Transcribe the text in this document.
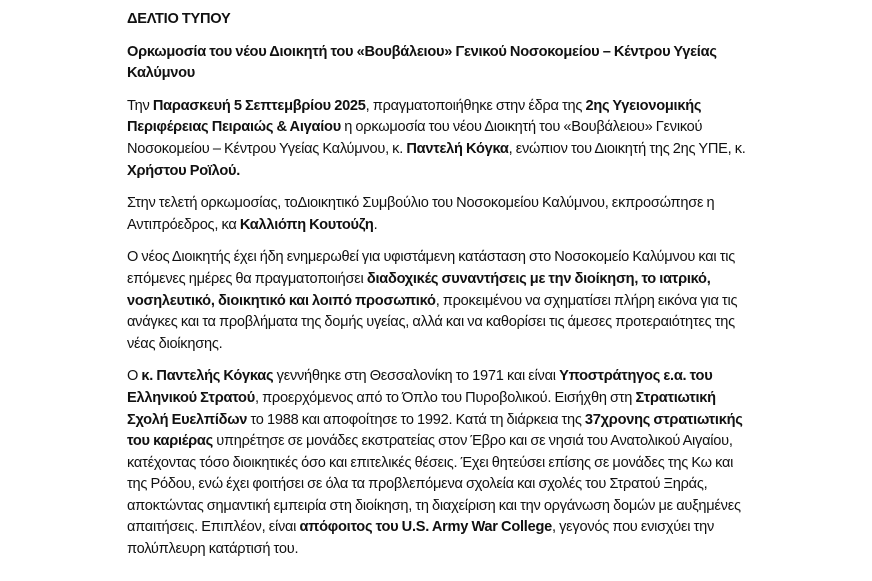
ΔΕΛΤΙΟ ΤΥΠΟΥ

Ορκωμοσία του νέου Διοικητή του «Βουβάλειου» Γενικού Νοσοκομείου – Κέντρου Υγείας Καλύμνου

Την Παρασκευή 5 Σεπτεμβρίου 2025, πραγματοποιήθηκε στην έδρα της 2ης Υγειονομικής Περιφέρειας Πειραιώς & Αιγαίου η ορκωμοσία του νέου Διοικητή του «Βουβάλειου» Γενικού Νοσοκομείου – Κέντρου Υγείας Καλύμνου, κ. Παντελή Κόγκα, ενώπιον του Διοικητή της 2ης ΥΠΕ, κ. Χρήστου Ροϊλού.

Στην τελετή ορκωμοσίας, τοΔιοικητικό Συμβούλιο του Νοσοκομείου Καλύμνου, εκπροσώπησε η Αντιπρόεδρος, κα Καλλιόπη Κουτούζη.

Ο νέος Διοικητής έχει ήδη ενημερωθεί για υφιστάμενη κατάσταση στο Νοσοκομείο Καλύμνου και τις επόμενες ημέρες θα πραγματοποιήσει διαδοχικές συναντήσεις με την διοίκηση, το ιατρικό, νοσηλευτικό, διοικητικό και λοιπό προσωπικό, προκειμένου να σχηματίσει πλήρη εικόνα για τις ανάγκες και τα προβλήματα της δομής υγείας, αλλά και να καθορίσει τις άμεσες προτεραιότητες της νέας διοίκησης.

Ο κ. Παντελής Κόγκας γεννήθηκε στη Θεσσαλονίκη το 1971 και είναι Υποστράτηγος ε.α. του Ελληνικού Στρατού, προερχόμενος από το Όπλο του Πυροβολικού. Εισήχθη στη Στρατιωτική Σχολή Ευελπίδων το 1988 και αποφοίτησε το 1992. Κατά τη διάρκεια της 37χρονης στρατιωτικής του καριέρας υπηρέτησε σε μονάδες εκστρατείας στον Έβρο και σε νησιά του Ανατολικού Αιγαίου, κατέχοντας τόσο διοικητικές όσο και επιτελικές θέσεις. Έχει θητεύσει επίσης σε μονάδες της Κω και της Ρόδου, ενώ έχει φοιτήσει σε όλα τα προβλεπόμενα σχολεία και σχολές του Στρατού Ξηράς, αποκτώντας σημαντική εμπειρία στη διοίκηση, τη διαχείριση και την οργάνωση δομών με αυξημένες απαιτήσεις. Επιπλέον, είναι απόφοιτος του U.S. Army War College, γεγονός που ενισχύει την πολύπλευρη κατάρτισή του.
